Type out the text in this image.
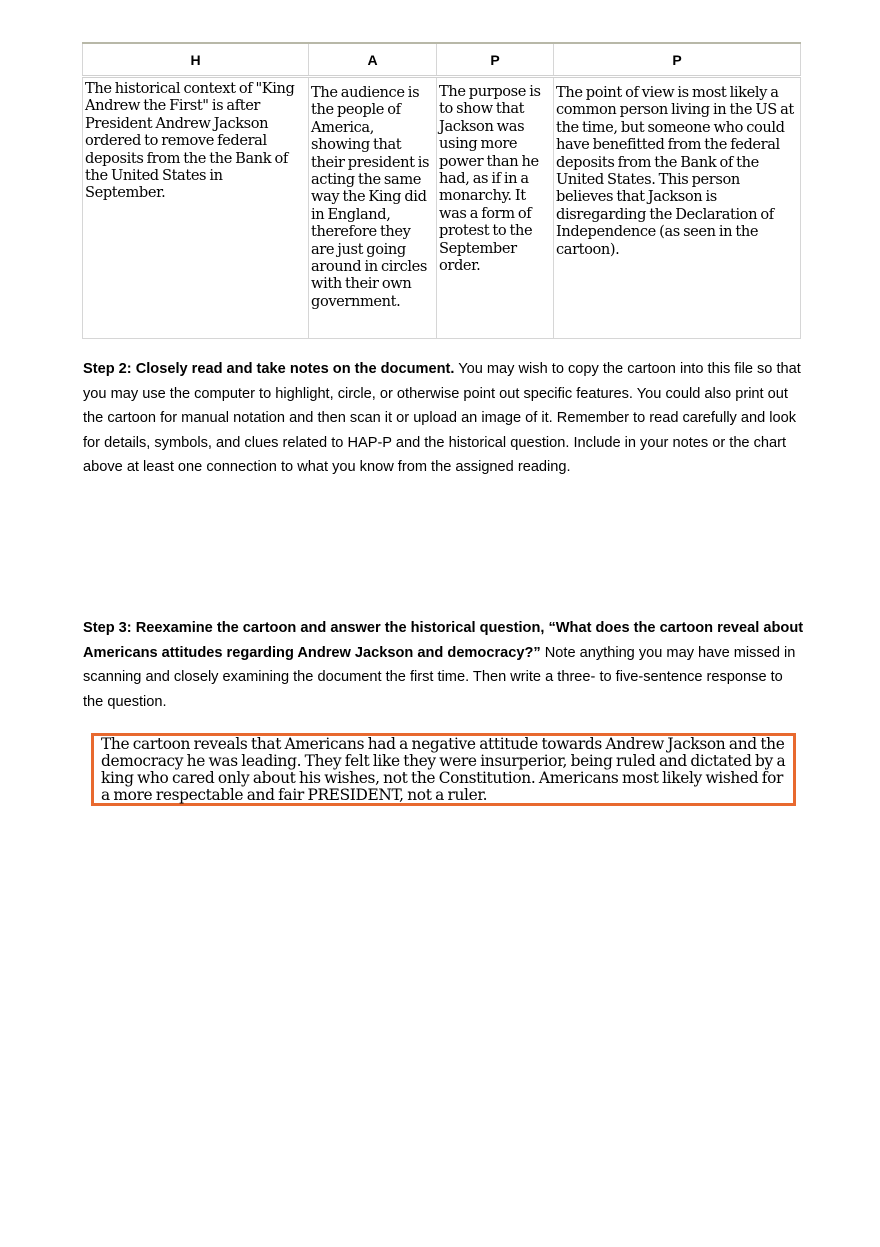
H	A	P	P
The historical context of "King Andrew the First" is after President Andrew Jackson ordered to remove federal deposits from the the Bank of the United States in September.	The audience is the people of America, showing that their president is acting the same way the King did in England, therefore they are just going around in circles with their own government.	The purpose is to show that Jackson was using more power than he had, as if in a monarchy. It was a form of protest to the September order.	The point of view is most likely a common person living in the US at the time, but someone who could have benefitted from the federal deposits from the Bank of the United States. This person believes that Jackson is disregarding the Declaration of Independence (as seen in the cartoon).

Step 2: Closely read and take notes on the document. You may wish to copy the cartoon into this file so that you may use the computer to highlight, circle, or otherwise point out specific features. You could also print out the cartoon for manual notation and then scan it or upload an image of it. Remember to read carefully and look for details, symbols, and clues related to HAP-P and the historical question. Include in your notes or the chart above at least one connection to what you know from the assigned reading.

Step 3: Reexamine the cartoon and answer the historical question, “What does the cartoon reveal about Americans attitudes regarding Andrew Jackson and democracy?” Note anything you may have missed in scanning and closely examining the document the first time. Then write a three- to five-sentence response to the question.

The cartoon reveals that Americans had a negative attitude towards Andrew Jackson and the democracy he was leading. They felt like they were insurperior, being ruled and dictated by a king who cared only about his wishes, not the Constitution. Americans most likely wished for a more respectable and fair PRESIDENT, not a ruler.
